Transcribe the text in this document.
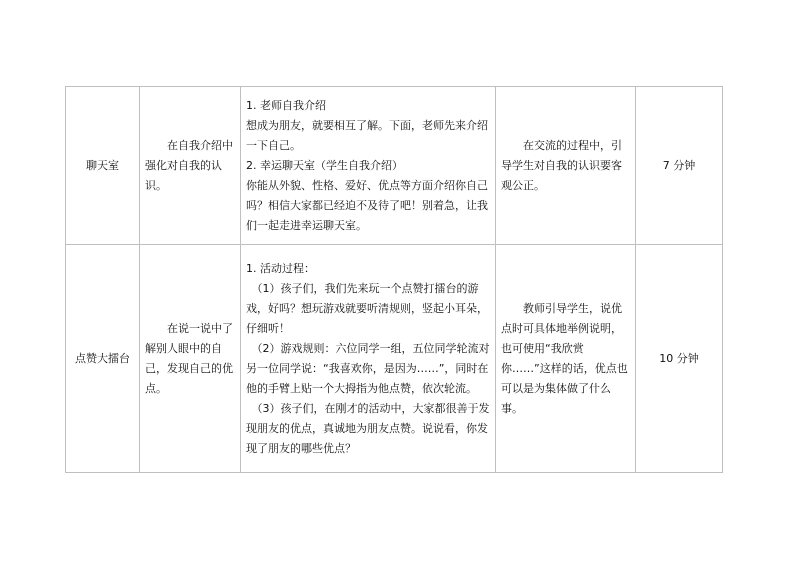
聊天室	在自我介绍中强化对自我的认识。	1. 老师自我介绍
想成为朋友，就要相互了解。下面，老师先来介绍一下自己。
2. 幸运聊天室（学生自我介绍）
你能从外貌、性格、爱好、优点等方面介绍你自己吗？相信大家都已经迫不及待了吧！别着急，让我们一起走进幸运聊天室。	在交流的过程中，引导学生对自我的认识要客观公正。	7 分钟
点赞大擂台	在说一说中了解别人眼中的自己，发现自己的优点。	1. 活动过程：
（1）孩子们，我们先来玩一个点赞打擂台的游戏，好吗？想玩游戏就要听清规则，竖起小耳朵，仔细听！
（2）游戏规则：六位同学一组，五位同学轮流对另一位同学说：“我喜欢你，是因为……”，同时在他的手臂上贴一个大拇指为他点赞，依次轮流。
（3）孩子们，在刚才的活动中，大家都很善于发现朋友的优点，真诚地为朋友点赞。说说看，你发现了朋友的哪些优点？	教师引导学生，说优点时可具体地举例说明，也可使用“我欣赏你……”这样的话，优点也可以是为集体做了什么事。	10 分钟
